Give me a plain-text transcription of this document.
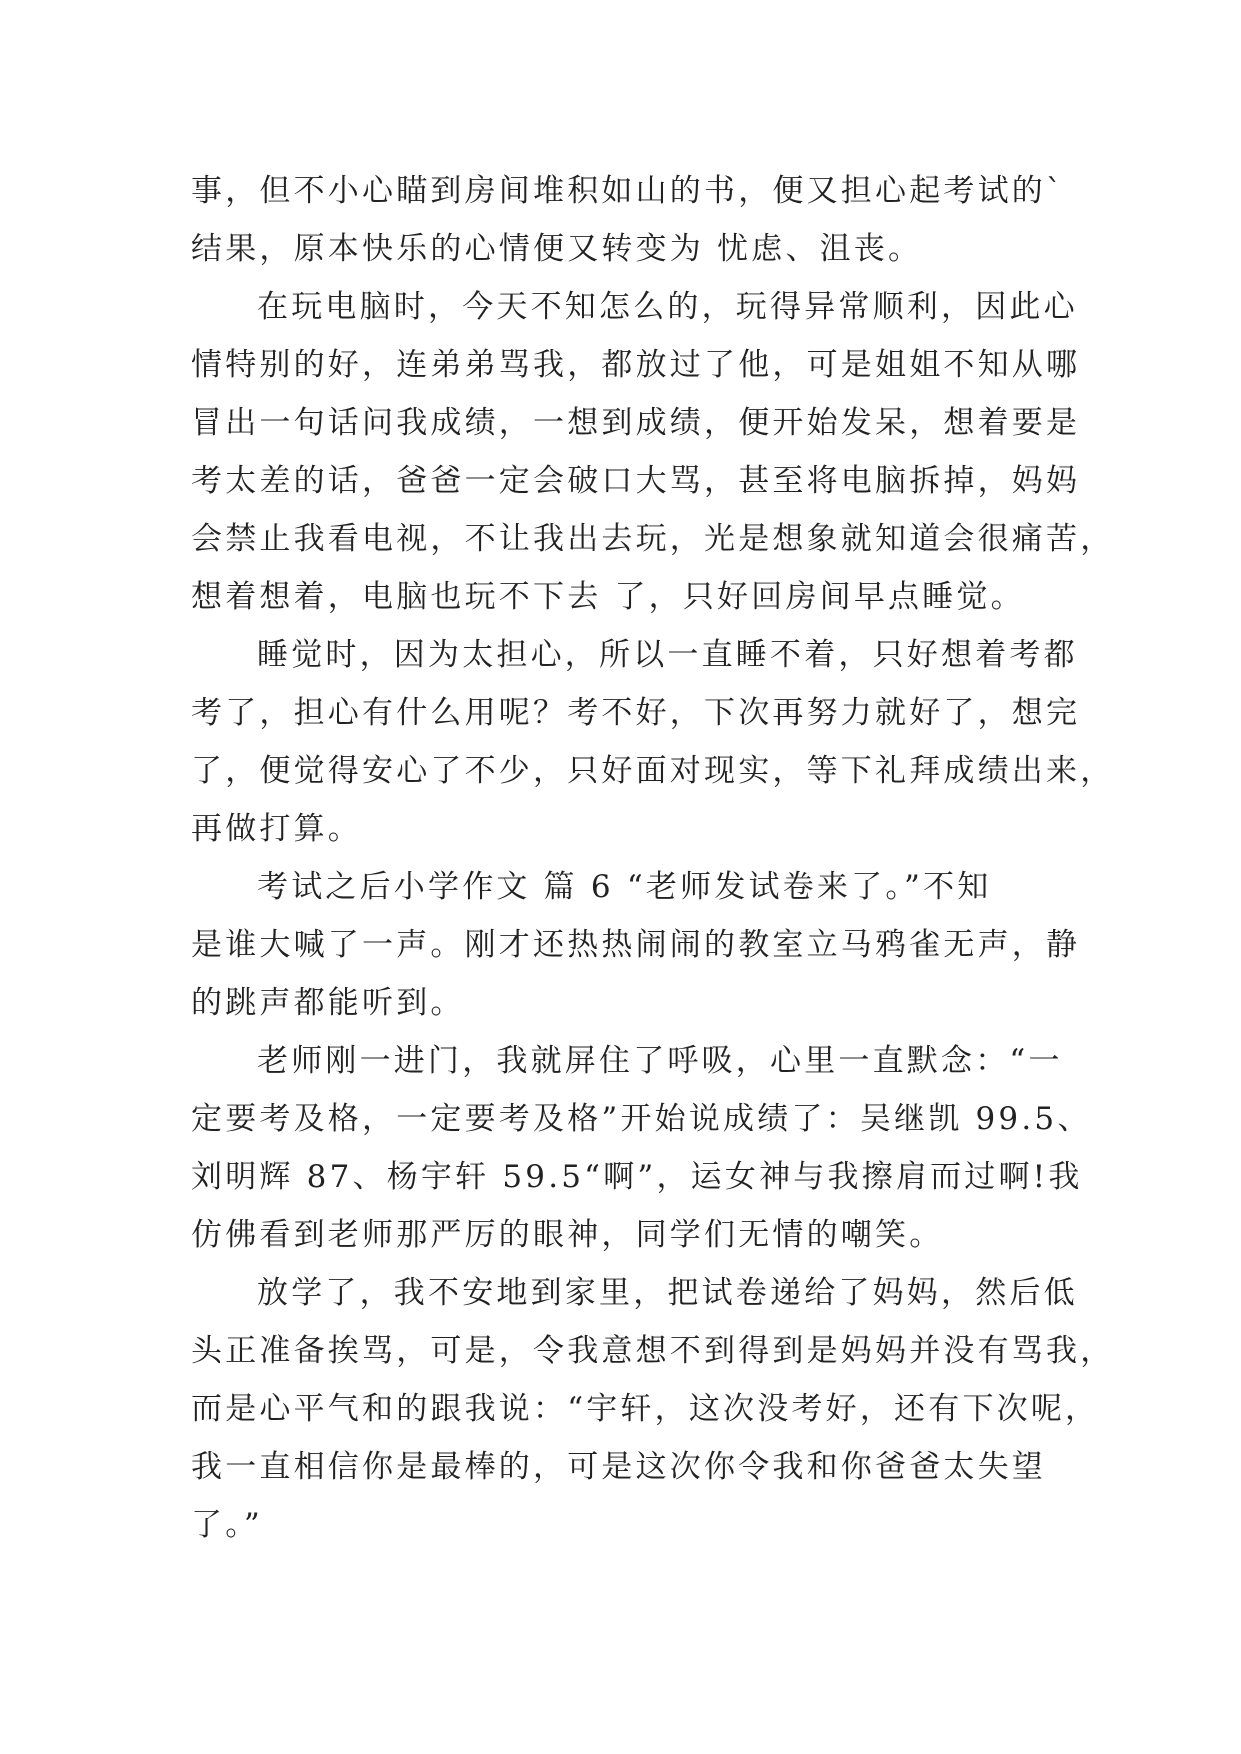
事，但不小心瞄到房间堆积如山的书，便又担心起考试的`

结果，原本快乐的心情便又转变为 忧虑、沮丧。

在玩电脑时，今天不知怎么的，玩得异常顺利，因此心

情特别的好，连弟弟骂我，都放过了他，可是姐姐不知从哪

冒出一句话问我成绩，一想到成绩，便开始发呆，想着要是

考太差的话，爸爸一定会破口大骂，甚至将电脑拆掉，妈妈

会禁止我看电视，不让我出去玩，光是想象就知道会很痛苦，

想着想着，电脑也玩不下去 了，只好回房间早点睡觉。

睡觉时，因为太担心，所以一直睡不着，只好想着考都

考了，担心有什么用呢？考不好，下次再努力就好了，想完

了，便觉得安心了不少，只好面对现实，等下礼拜成绩出来，

再做打算。

考试之后小学作文 篇 6 “老师发试卷来了。”不知

是谁大喊了一声。刚才还热热闹闹的教室立马鸦雀无声，静

的跳声都能听到。

老师刚一进门，我就屏住了呼吸，心里一直默念：“一

定要考及格，一定要考及格”开始说成绩了：吴继凯 99.5、

刘明辉 87、杨宇轩 59.5“啊”，运女神与我擦肩而过啊!我

仿佛看到老师那严厉的眼神，同学们无情的嘲笑。

放学了，我不安地到家里，把试卷递给了妈妈，然后低

头正准备挨骂，可是，令我意想不到得到是妈妈并没有骂我，

而是心平气和的跟我说：“宇轩，这次没考好，还有下次呢，

我一直相信你是最棒的，可是这次你令我和你爸爸太失望

了。”
